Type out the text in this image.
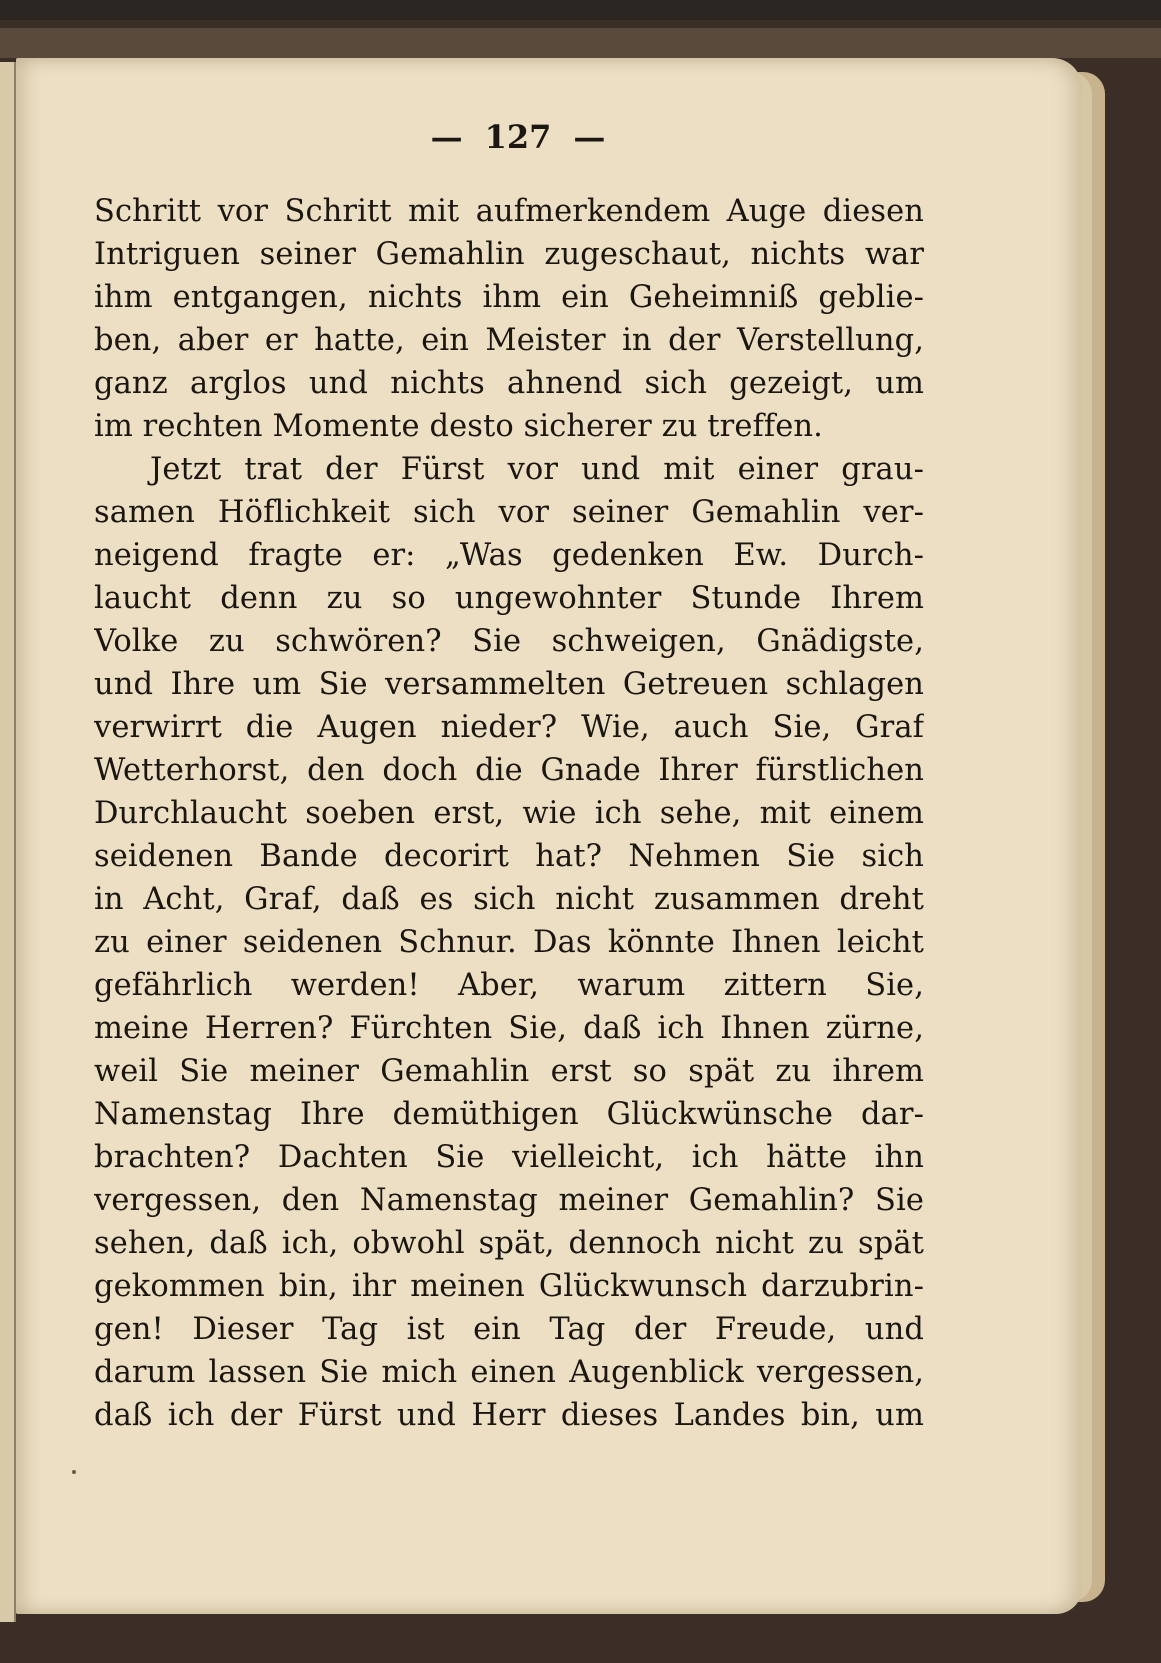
— 127 —
Schritt vor Schritt mit aufmerkendem Auge diesen
Intriguen seiner Gemahlin zugeschaut, nichts war
ihm entgangen, nichts ihm ein Geheimniß geblie-
ben, aber er hatte, ein Meister in der Verstellung,
ganz arglos und nichts ahnend sich gezeigt, um
im rechten Momente desto sicherer zu treffen.
Jetzt trat der Fürst vor und mit einer grau-
samen Höflichkeit sich vor seiner Gemahlin ver-
neigend fragte er: „Was gedenken Ew. Durch-
laucht denn zu so ungewohnter Stunde Ihrem
Volke zu schwören? Sie schweigen, Gnädigste,
und Ihre um Sie versammelten Getreuen schlagen
verwirrt die Augen nieder? Wie, auch Sie, Graf
Wetterhorst, den doch die Gnade Ihrer fürstlichen
Durchlaucht soeben erst, wie ich sehe, mit einem
seidenen Bande decorirt hat? Nehmen Sie sich
in Acht, Graf, daß es sich nicht zusammen dreht
zu einer seidenen Schnur. Das könnte Ihnen leicht
gefährlich werden! Aber, warum zittern Sie,
meine Herren? Fürchten Sie, daß ich Ihnen zürne,
weil Sie meiner Gemahlin erst so spät zu ihrem
Namenstag Ihre demüthigen Glückwünsche dar-
brachten? Dachten Sie vielleicht, ich hätte ihn
vergessen, den Namenstag meiner Gemahlin? Sie
sehen, daß ich, obwohl spät, dennoch nicht zu spät
gekommen bin, ihr meinen Glückwunsch darzubrin-
gen! Dieser Tag ist ein Tag der Freude, und
darum lassen Sie mich einen Augenblick vergessen,
daß ich der Fürst und Herr dieses Landes bin, um
